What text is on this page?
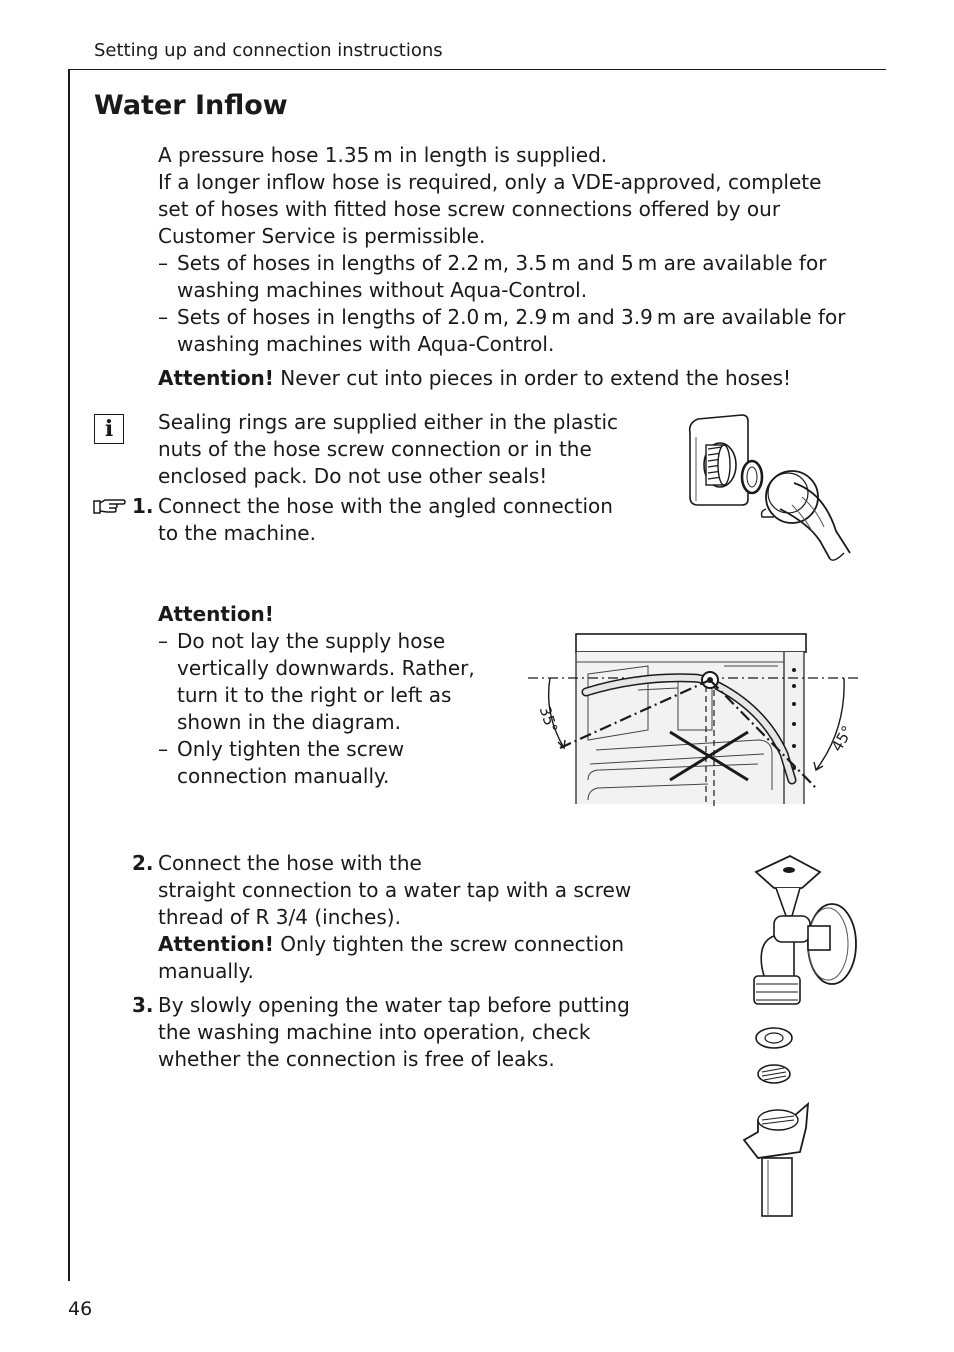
Setting up and connection instructions
Water Inflow

A pressure hose 1.35 m in length is supplied.

If a longer inflow hose is required, only a VDE-approved, complete set of hoses with fitted hose screw connections offered by our Customer Service is permissible.

– Sets of hoses in lengths of 2.2 m, 3.5 m and 5 m are available for washing machines without Aqua-Control.
– Sets of hoses in lengths of 2.0 m, 2.9 m and 3.9 m are available for washing machines with Aqua-Control.

Attention! Never cut into pieces in order to extend the hoses!

i	Sealing rings are supplied either in the plastic nuts of the hose screw connection or in the enclosed pack. Do not use other seals!
1. Connect the hose with the angled connection to the machine.

Attention!

– Do not lay the supply hose vertically downwards. Rather, turn it to the right or left as shown in the diagram.
– Only tighten the screw connection manually.
35°
45°
2. Connect the hose with the

straight connection to a water tap with a screw thread of R 3/4 (inches).

Attention! Only tighten the screw connection manually.

3. By slowly opening the water tap before putting the washing machine into operation, check whether the connection is free of leaks.
46
